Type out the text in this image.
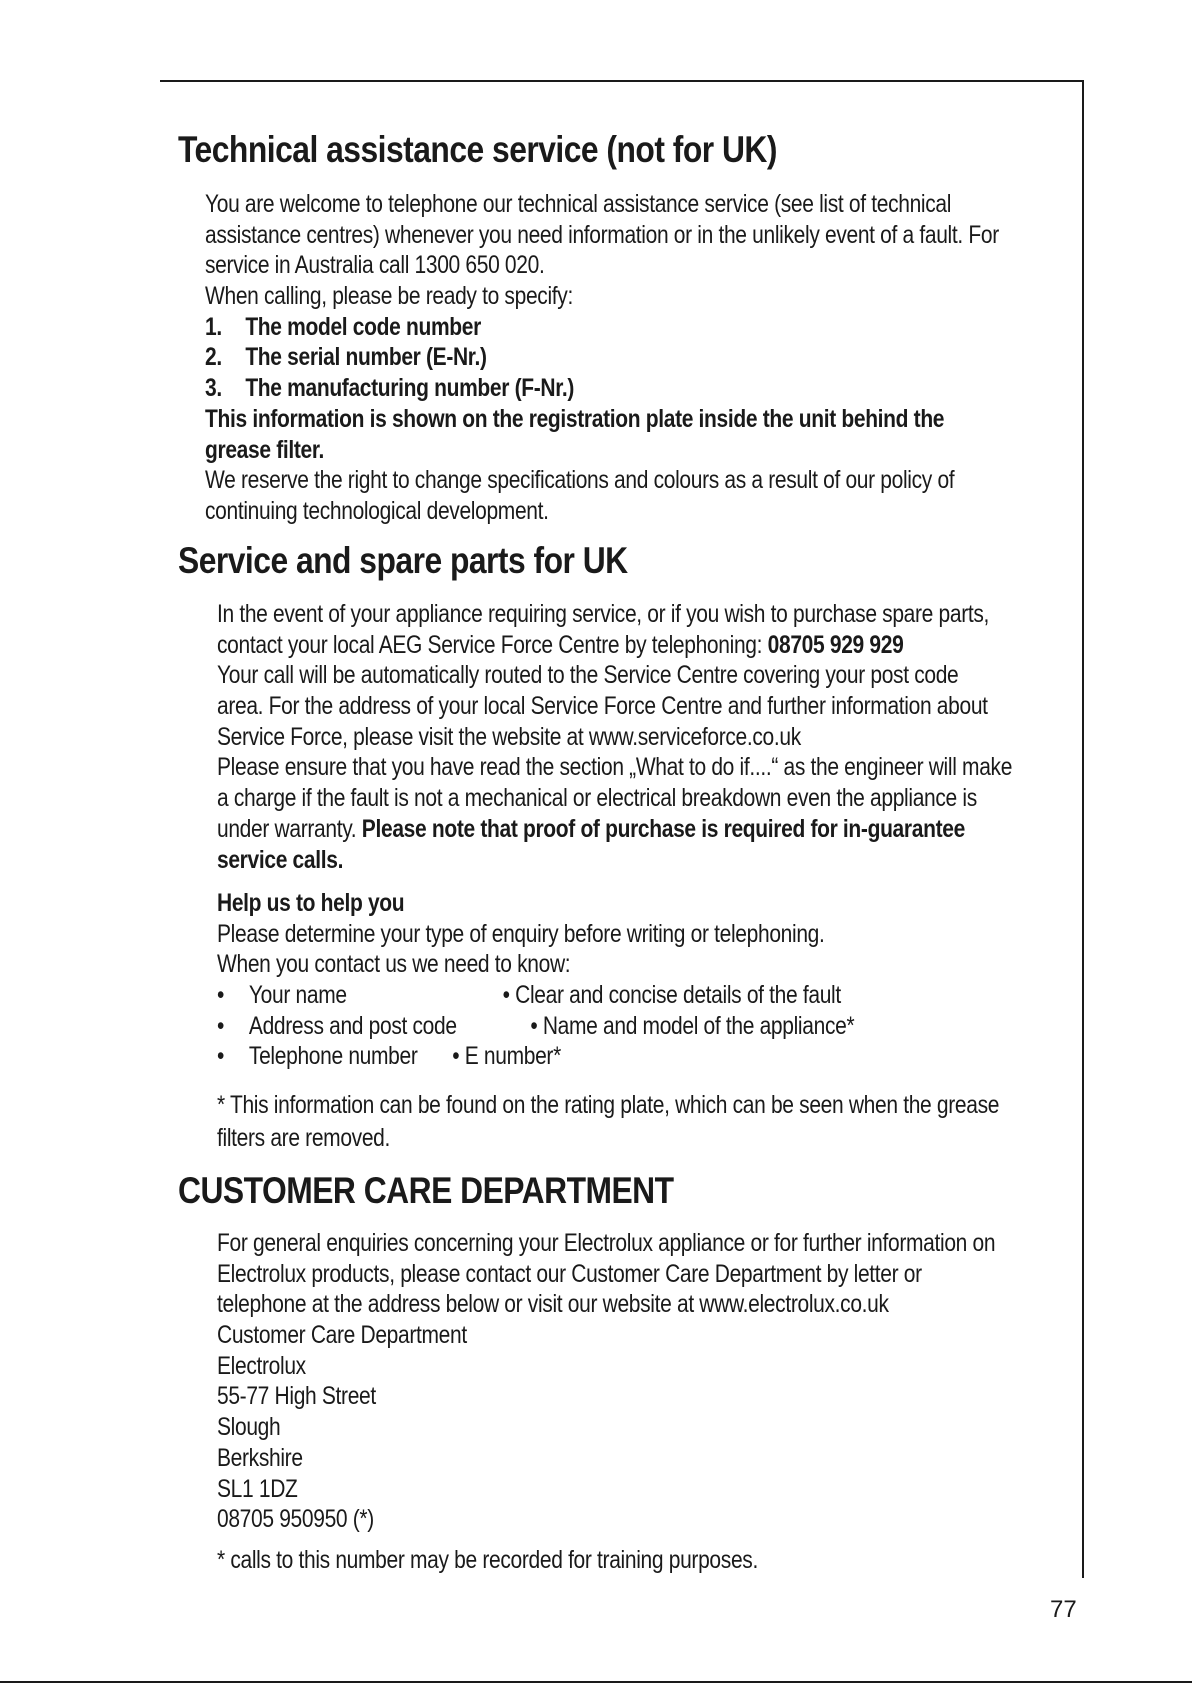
Technical assistance service (not for UK)
You are welcome to telephone our technical assistance service (see list of technical
assistance centres) whenever you need information or in the unlikely event of a fault. For
service in Australia call 1300 650 020.
When calling, please be ready to specify:
1. The model code number
2. The serial number (E-Nr.)
3. The manufacturing number (F-Nr.)
This information is shown on the registration plate inside the unit behind the
grease filter.
We reserve the right to change specifications and colours as a result of our policy of
continuing technological development.
Service and spare parts for UK
In the event of your appliance requiring service, or if you wish to purchase spare parts,
contact your local AEG Service Force Centre by telephoning: 08705 929 929
Your call will be automatically routed to the Service Centre covering your post code
area. For the address of your local Service Force Centre and further information about
Service Force, please visit the website at www.serviceforce.co.uk
Please ensure that you have read the section „What to do if....“ as the engineer will make
a charge if the fault is not a mechanical or electrical breakdown even the appliance is
under warranty. Please note that proof of purchase is required for in-guarantee
service calls.
Help us to help you
Please determine your type of enquiry before writing or telephoning.
When you contact us we need to know:
• Your name	• Clear and concise details of the fault
• Address and post code	• Name and model of the appliance*
• Telephone number • E number*
* This information can be found on the rating plate, which can be seen when the grease
filters are removed.
CUSTOMER CARE DEPARTMENT
For general enquiries concerning your Electrolux appliance or for further information on
Electrolux products, please contact our Customer Care Department by letter or
telephone at the address below or visit our website at www.electrolux.co.uk
Customer Care Department
Electrolux
55-77 High Street
Slough
Berkshire
SL1 1DZ
08705 950950 (*)
* calls to this number may be recorded for training purposes.
77
